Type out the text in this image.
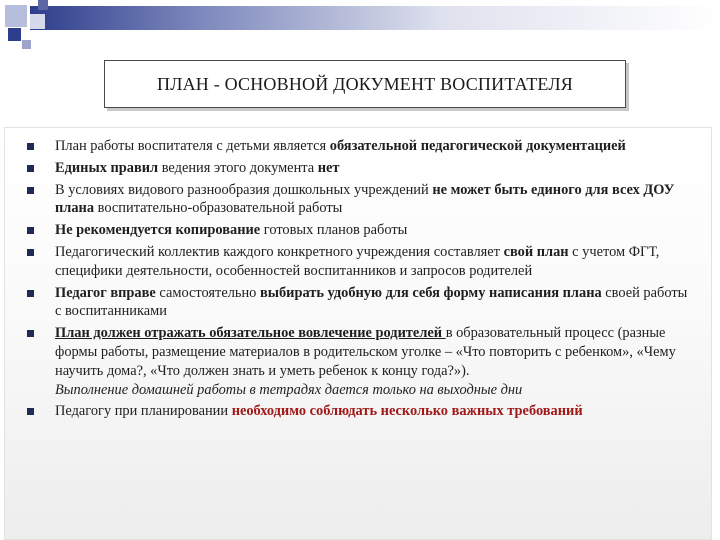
ПЛАН - ОСНОВНОЙ ДОКУМЕНТ ВОСПИТАТЕЛЯ
План работы воспитателя с детьми является обязательной педагогической документацией
Единых правил ведения этого документа нет
В условиях видового разнообразия дошкольных учреждений не может быть единого для всех ДОУ плана воспитательно-образовательной работы
Не рекомендуется копирование готовых планов работы
Педагогический коллектив каждого конкретного учреждения составляет свой план с учетом ФГТ, специфики деятельности, особенностей воспитанников и запросов родителей
Педагог вправе самостоятельно выбирать удобную для себя форму написания плана своей работы с воспитанниками
План должен отражать обязательное вовлечение родителей в образовательный процесс (разные формы работы, размещение материалов в родительском уголке – «Что повторить с ребенком», «Чему научить дома?, «Что должен знать и уметь ребенок к концу года?»).
Выполнение домашней работы в тетрадях дается только на выходные дни
Педагогу при планировании необходимо соблюдать несколько важных требований
